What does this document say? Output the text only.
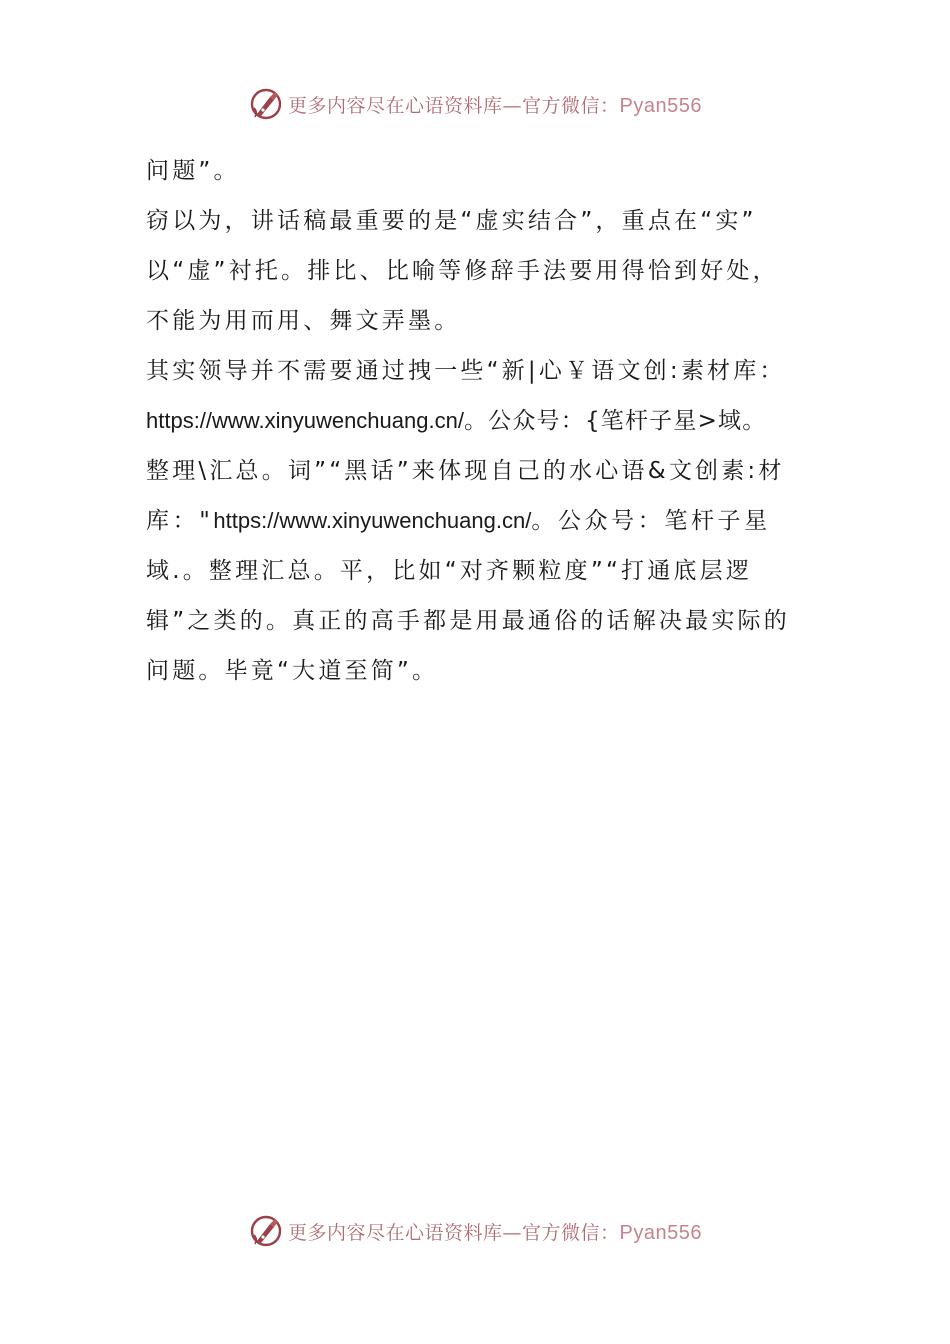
更多内容尽在心语资料库—官方微信：Pyan556
问题”。
窃以为，讲话稿最重要的是“虚实结合”，重点在“实”
以“虚”衬托。排比、比喻等修辞手法要用得恰到好处，
不能为用而用、舞文弄墨。
其实领导并不需要通过拽一些“新|心￥语文创:素材库：
https://www.xinyuwenchuang.cn/。公众号：{笔杆子星>域。
整理\汇总。词”“黑话”来体现自己的水心语&文创素:材
库："https://www.xinyuwenchuang.cn/。公众号：笔杆子星
域.。整理汇总。平，比如“对齐颗粒度”“打通底层逻
辑”之类的。真正的高手都是用最通俗的话解决最实际的
问题。毕竟“大道至简”。
更多内容尽在心语资料库—官方微信：Pyan556
